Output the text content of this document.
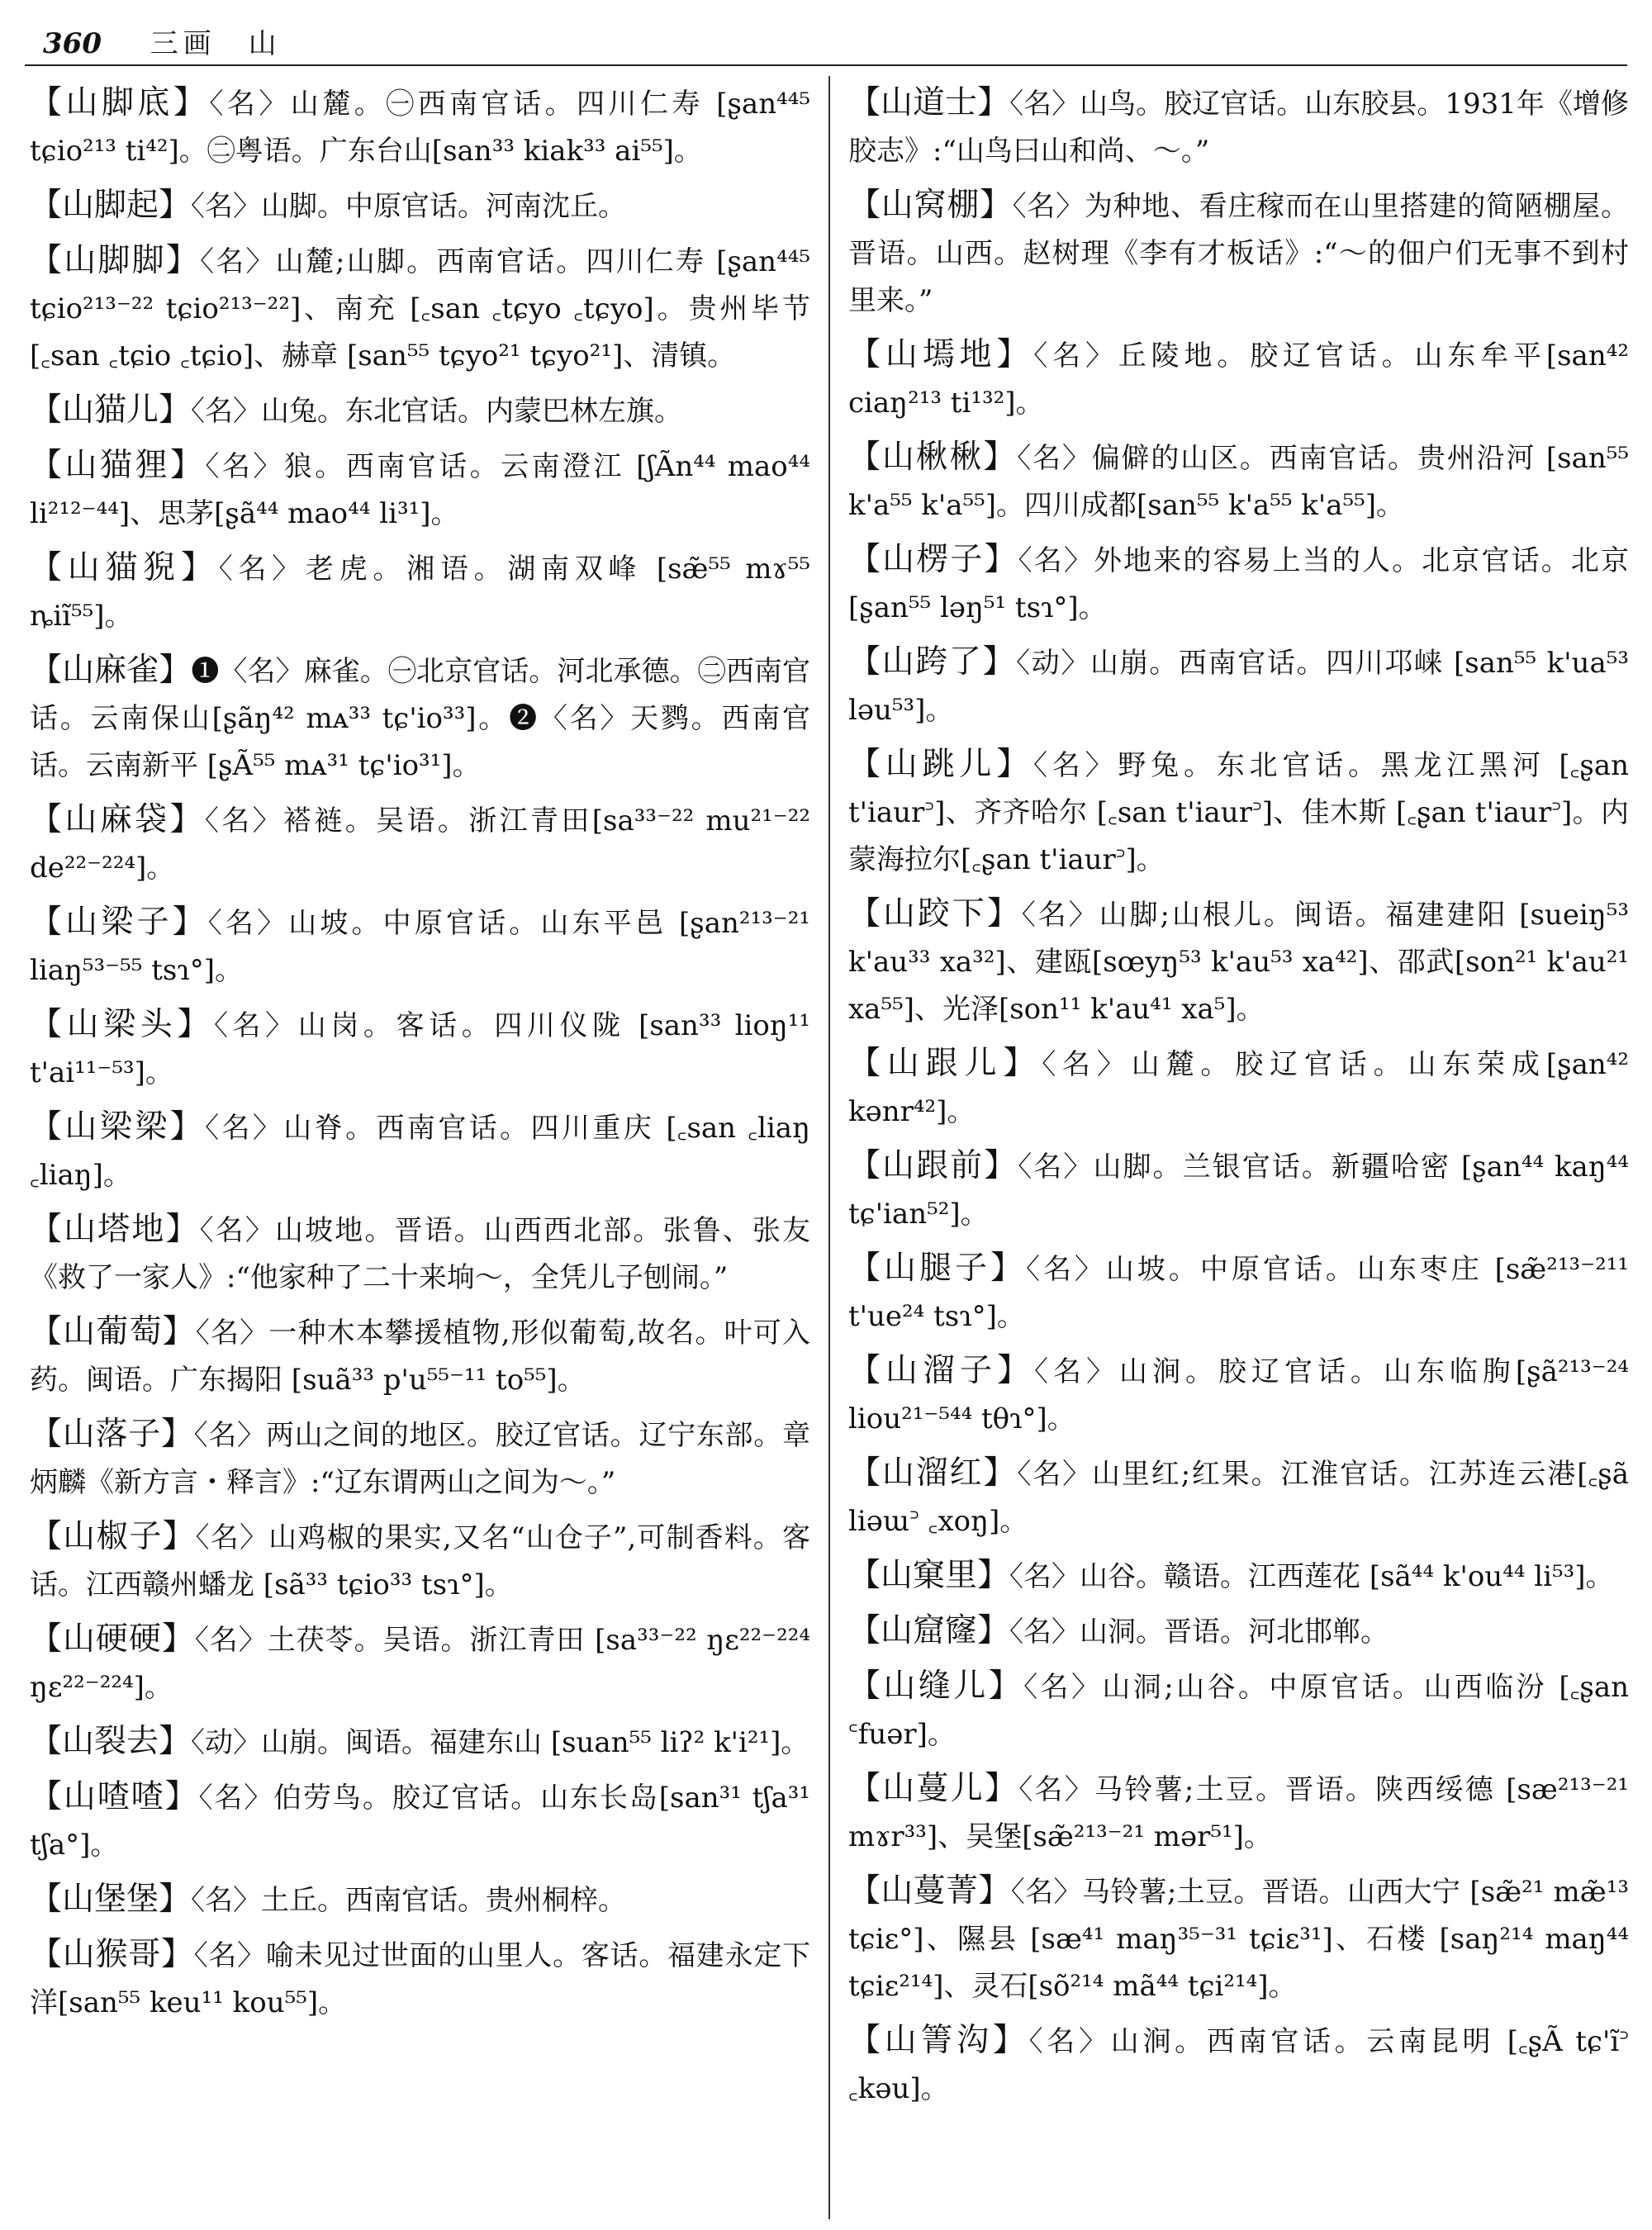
360 三画 山

【山脚底】〈名〉山麓。㊀西南官话。四川仁寿 [ʂan⁴⁴⁵ tɕio²¹³ ti⁴²]。㊁粤语。广东台山[san³³ kiak³³ ai⁵⁵]。

【山脚起】〈名〉山脚。中原官话。河南沈丘。

【山脚脚】〈名〉山麓;山脚。西南官话。四川仁寿 [ʂan⁴⁴⁵ tɕio²¹³⁻²² tɕio²¹³⁻²²]、南充 [꜀san ꜀tɕyo ꜀tɕyo]。贵州毕节 [꜀san ꜀tɕio ꜀tɕio]、赫章 [san⁵⁵ tɕyo²¹ tɕyo²¹]、清镇。

【山猫儿】〈名〉山兔。东北官话。内蒙巴林左旗。

【山猫狸】〈名〉狼。西南官话。云南澄江 [ʃÃn⁴⁴ mao⁴⁴ li²¹²⁻⁴⁴]、思茅[ʂã⁴⁴ mao⁴⁴ li³¹]。

【山猫猊】〈名〉老虎。湘语。湖南双峰 [sæ̃⁵⁵ mɤ⁵⁵ ȵiĩ⁵⁵]。

【山麻雀】❶〈名〉麻雀。㊀北京官话。河北承德。㊁西南官话。云南保山[ʂãŋ⁴² mᴀ³³ tɕ'io³³]。❷〈名〉天鹨。西南官话。云南新平 [ʂÃ⁵⁵ mᴀ³¹ tɕ'io³¹]。

【山麻袋】〈名〉褡裢。吴语。浙江青田[sa³³⁻²² mu²¹⁻²² de²²⁻²²⁴]。

【山梁子】〈名〉山坡。中原官话。山东平邑 [ʂan²¹³⁻²¹ liaŋ⁵³⁻⁵⁵ tsɿ°]。

【山梁头】〈名〉山岗。客话。四川仪陇 [san³³ lioŋ¹¹ t'ai¹¹⁻⁵³]。

【山梁梁】〈名〉山脊。西南官话。四川重庆 [꜀san ꜀liaŋ ꜀liaŋ]。

【山塔地】〈名〉山坡地。晋语。山西西北部。张鲁、张友《救了一家人》:“他家种了二十来垧～，全凭儿子刨闹。”

【山葡萄】〈名〉一种木本攀援植物,形似葡萄,故名。叶可入药。闽语。广东揭阳 [suã³³ p'u⁵⁵⁻¹¹ to⁵⁵]。

【山落子】〈名〉两山之间的地区。胶辽官话。辽宁东部。章炳麟《新方言・释言》:“辽东谓两山之间为～。”

【山椒子】〈名〉山鸡椒的果实,又名“山仓子”,可制香料。客话。江西赣州蟠龙 [sã³³ tɕio³³ tsɿ°]。

【山硬硬】〈名〉土茯苓。吴语。浙江青田 [sa³³⁻²² ŋɛ²²⁻²²⁴ ŋɛ²²⁻²²⁴]。

【山裂去】〈动〉山崩。闽语。福建东山 [suan⁵⁵ liʔ² k'i²¹]。

【山喳喳】〈名〉伯劳鸟。胶辽官话。山东长岛[san³¹ tʃa³¹ tʃa°]。

【山堡堡】〈名〉土丘。西南官话。贵州桐梓。

【山猴哥】〈名〉喻未见过世面的山里人。客话。福建永定下洋[san⁵⁵ keu¹¹ kou⁵⁵]。

【山道士】〈名〉山鸟。胶辽官话。山东胶县。1931年《增修胶志》:“山鸟曰山和尚、～。”

【山窝棚】〈名〉为种地、看庄稼而在山里搭建的简陋棚屋。晋语。山西。赵树理《李有才板话》:“～的佃户们无事不到村里来。”

【山墕地】〈名〉丘陵地。胶辽官话。山东牟平[san⁴² ciaŋ²¹³ ti¹³²]。

【山楸楸】〈名〉偏僻的山区。西南官话。贵州沿河 [san⁵⁵ k'a⁵⁵ k'a⁵⁵]。四川成都[san⁵⁵ k'a⁵⁵ k'a⁵⁵]。

【山楞子】〈名〉外地来的容易上当的人。北京官话。北京 [ʂan⁵⁵ ləŋ⁵¹ tsɿ°]。

【山跨了】〈动〉山崩。西南官话。四川邛崃 [san⁵⁵ k'ua⁵³ ləu⁵³]。

【山跳儿】〈名〉野兔。东北官话。黑龙江黑河 [꜀ʂan t'iaur꜄]、齐齐哈尔 [꜀san t'iaur꜄]、佳木斯 [꜀ʂan t'iaur꜄]。内蒙海拉尔[꜀ʂan t'iaur꜄]。

【山跤下】〈名〉山脚;山根儿。闽语。福建建阳 [sueiŋ⁵³ k'au³³ xa³²]、建瓯[sœyŋ⁵³ k'au⁵³ xa⁴²]、邵武[son²¹ k'au²¹ xa⁵⁵]、光泽[son¹¹ k'au⁴¹ xa⁵]。

【山跟儿】〈名〉山麓。胶辽官话。山东荣成[ʂan⁴² kənr⁴²]。

【山跟前】〈名〉山脚。兰银官话。新疆哈密 [ʂan⁴⁴ kaŋ⁴⁴ tɕ'ian⁵²]。

【山腿子】〈名〉山坡。中原官话。山东枣庄 [sæ̃²¹³⁻²¹¹ t'ue²⁴ tsɿ°]。

【山溜子】〈名〉山涧。胶辽官话。山东临朐[ʂã²¹³⁻²⁴ liou²¹⁻⁵⁴⁴ tθɿ°]。

【山溜红】〈名〉山里红;红果。江淮官话。江苏连云港[꜀ʂã liəɯ꜄ ꜀xoŋ]。

【山窠里】〈名〉山谷。赣语。江西莲花 [sã⁴⁴ k'ou⁴⁴ li⁵³]。

【山窟窿】〈名〉山洞。晋语。河北邯郸。

【山缝儿】〈名〉山洞;山谷。中原官话。山西临汾 [꜀ʂan ꜂fuər]。

【山蔓儿】〈名〉马铃薯;土豆。晋语。陕西绥德 [sæ²¹³⁻²¹ mɤr³³]、吴堡[sæ̃²¹³⁻²¹ mər⁵¹]。

【山蔓菁】〈名〉马铃薯;土豆。晋语。山西大宁 [sæ̃²¹ mæ̃¹³ tɕiɛ°]、隰县 [sæ⁴¹ maŋ³⁵⁻³¹ tɕiɛ³¹]、石楼 [saŋ²¹⁴ maŋ⁴⁴ tɕiɛ²¹⁴]、灵石[sõ²¹⁴ mã⁴⁴ tɕi²¹⁴]。

【山箐沟】〈名〉山涧。西南官话。云南昆明 [꜀ʂÃ tɕ'ĩ꜄ ꜀kəu]。
